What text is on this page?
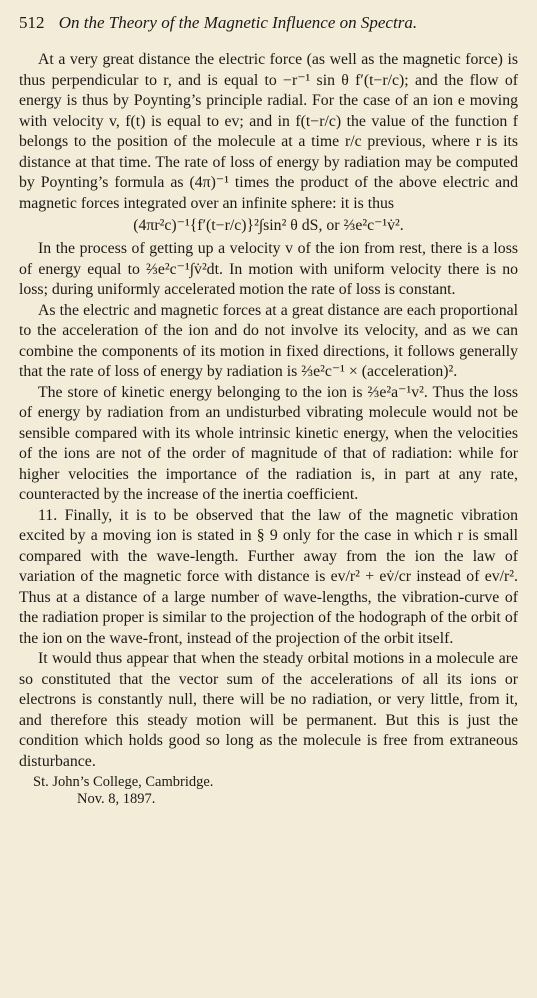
512 On the Theory of the Magnetic Influence on Spectra.

At a very great distance the electric force (as well as the magnetic force) is thus perpendicular to r, and is equal to −r⁻¹ sin θ f′(t−r/c); and the flow of energy is thus by Poynting’s principle radial. For the case of an ion e moving with velocity v, f(t) is equal to ev; and in f(t−r/c) the value of the function f belongs to the position of the molecule at a time r/c previous, where r is its distance at that time. The rate of loss of energy by radiation may be computed by Poynting’s formula as (4π)⁻¹ times the product of the above electric and magnetic forces integrated over an infinite sphere: it is thus

(4πr²c)⁻¹{f′(t−r/c)}²∫sin² θ dS, or ⅔e²c⁻¹v̇².

In the process of getting up a velocity v of the ion from rest, there is a loss of energy equal to ⅔e²c⁻¹∫v̇²dt. In motion with uniform velocity there is no loss; during uniformly accelerated motion the rate of loss is constant.

As the electric and magnetic forces at a great distance are each proportional to the acceleration of the ion and do not involve its velocity, and as we can combine the components of its motion in fixed directions, it follows generally that the rate of loss of energy by radiation is ⅔e²c⁻¹ × (acceleration)².

The store of kinetic energy belonging to the ion is ⅔e²a⁻¹v². Thus the loss of energy by radiation from an undisturbed vibrating molecule would not be sensible compared with its whole intrinsic kinetic energy, when the velocities of the ions are not of the order of magnitude of that of radiation: while for higher velocities the importance of the radiation is, in part at any rate, counteracted by the increase of the inertia coefficient.

11. Finally, it is to be observed that the law of the magnetic vibration excited by a moving ion is stated in § 9 only for the case in which r is small compared with the wave-length. Further away from the ion the law of variation of the magnetic force with distance is ev/r² + ev̇/cr instead of ev/r². Thus at a distance of a large number of wave-lengths, the vibration-curve of the radiation proper is similar to the projection of the hodograph of the orbit of the ion on the wave-front, instead of the projection of the orbit itself.

It would thus appear that when the steady orbital motions in a molecule are so constituted that the vector sum of the accelerations of all its ions or electrons is constantly null, there will be no radiation, or very little, from it, and therefore this steady motion will be permanent. But this is just the condition which holds good so long as the molecule is free from extraneous disturbance.

St. John’s College, Cambridge.
Nov. 8, 1897.
